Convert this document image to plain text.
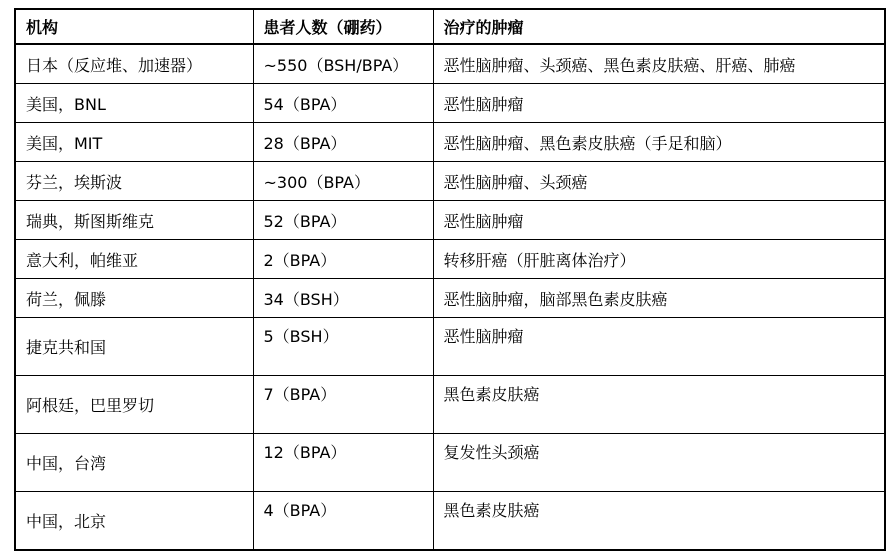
机构	患者人数（硼药）	治疗的肿瘤
日本（反应堆、加速器）	~550（BSH/BPA）	恶性脑肿瘤、头颈癌、黑色素皮肤癌、肝癌、肺癌
美国，BNL	54（BPA）	恶性脑肿瘤
美国，MIT	28（BPA）	恶性脑肿瘤、黑色素皮肤癌（手足和脑）
芬兰，埃斯波	~300（BPA）	恶性脑肿瘤、头颈癌
瑞典，斯图斯维克	52（BPA）	恶性脑肿瘤
意大利，帕维亚	2（BPA）	转移肝癌（肝脏离体治疗）
荷兰，佩滕	34（BSH）	恶性脑肿瘤，脑部黑色素皮肤癌
捷克共和国	5（BSH）	恶性脑肿瘤
阿根廷，巴里罗切	7（BPA）	黑色素皮肤癌
中国，台湾	12（BPA）	复发性头颈癌
中国，北京	4（BPA）	黑色素皮肤癌
